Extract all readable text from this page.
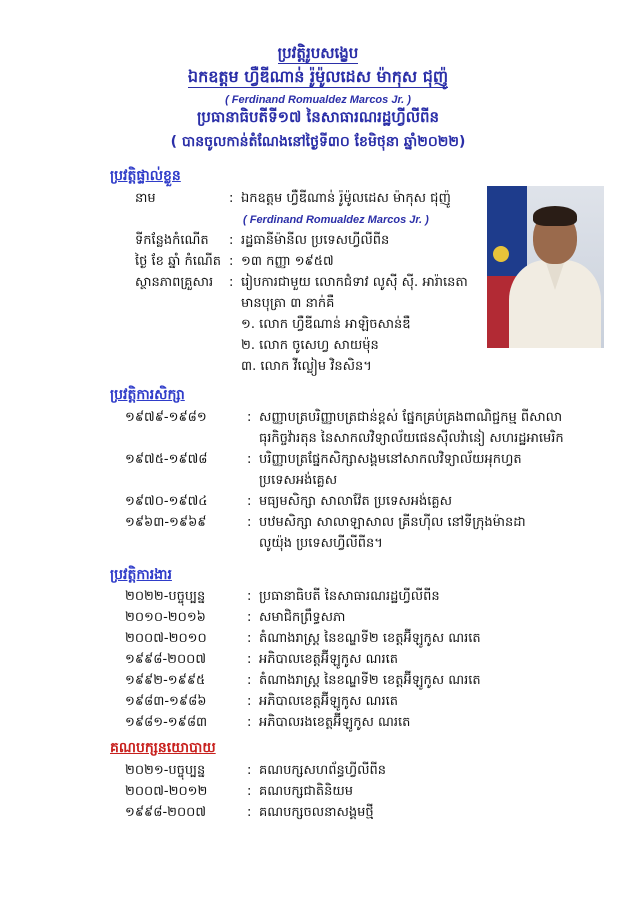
ប្រវត្តិរូបសង្ខេប
ឯកឧត្តម ហ្វឺឌីណាន់ រ៉ូម៉ូលដេស ម៉ាកុស ជុញ៉ូ
( Ferdinand Romualdez Marcos Jr. )
ប្រធានាធិបតីទី១៧ នៃសាធារណរដ្ឋហ្វីលីពីន
( បានចូលកាន់តំណែងនៅថ្ងៃទី៣០ ខែមិថុនា ឆ្នាំ២០២២)
ប្រវត្តិផ្ទាល់ខ្លួន
នាម	: ឯកឧត្តម ហ្វឺឌីណាន់ រ៉ូម៉ូលដេស ម៉ាកុស ជុញ៉ូ
( Ferdinand Romualdez Marcos Jr. )
ទីកន្លែងកំណើត : រដ្ឋធានីម៉ានីល ប្រទេសហ្វីលីពីន
ថ្ងៃ ខែ ឆ្នាំ កំណើត : ១៣ កញ្ញា ១៩៥៧
ស្ថានភាពគ្រួសារ : រៀបការជាមួយ លោកជំទាវ លូស៊ី ស៊ី. អារ៉ានេតា
មានបុត្រា ៣ នាក់គឺ
១. លោក ហ្វឺឌីណាន់ អាឡិចសាន់ឌឺ
២. លោក ចូសេហ្វ សាយម៉ុន
៣. លោក វីល្លៀម វិនសិន។
ប្រវត្តិការសិក្សា
១៩៧៩-១៩៨១	: សញ្ញាបត្របរិញ្ញាបត្រជាន់ខ្ពស់ ផ្នែកគ្រប់គ្រងពាណិជ្ជកម្ម ពីសាលា
ធុរកិច្ចវ៉ារតុន នៃសាកលវិទ្យាល័យផេនស៊ីលវ៉ានៀ សហរដ្ឋអាមេរិក
១៩៧៥-១៩៧៨	: បរិញ្ញាបត្រផ្នែកសិក្សាសង្គមនៅសាកលវិទ្យាល័យអុកហ្វត
ប្រទេសអង់គ្លេស
១៩៧០-១៩៧៤	: មធ្យមសិក្សា សាលាវ៉ែត ប្រទេសអង់គ្លេស
១៩៦៣-១៩៦៩	: បឋមសិក្សា សាលាឡាសាល គ្រីនហ៊ីល នៅទីក្រុងម៉ានដា
លូយ៉ុង ប្រទេសហ្វីលីពីន។
ប្រវត្តិការងារ
២០២២-បច្ចុប្បន្ន	: ប្រធានាធិបតី នៃសាធារណរដ្ឋហ្វីលីពីន
២០១០-២០១៦	: សមាជិកព្រឹទ្ធសភា
២០០៧-២០១០	: តំណាងរាស្ត្រ នៃខណ្ឌទី២ ខេត្តអ៊ីឡូកូស ណរតេ
១៩៩៨-២០០៧	: អភិបាលខេត្តអ៊ីឡូកូស ណរតេ
១៩៩២-១៩៩៥	: តំណាងរាស្ត្រ នៃខណ្ឌទី២ ខេត្តអ៊ីឡូកូស ណរតេ
១៩៨៣-១៩៨៦	: អភិបាលខេត្តអ៊ីឡូកូស ណរតេ
១៩៨១-១៩៨៣	: អភិបាលរងខេត្តអ៊ីឡូកូស ណរតេ
គណបក្សនយោបាយ
២០២១-បច្ចុប្បន្ន	: គណបក្សសហព័ន្ធហ្វីលីពីន
២០០៧-២០១២	: គណបក្សជាតិនិយម
១៩៩៨-២០០៧	: គណបក្សចលនាសង្គមថ្មី
